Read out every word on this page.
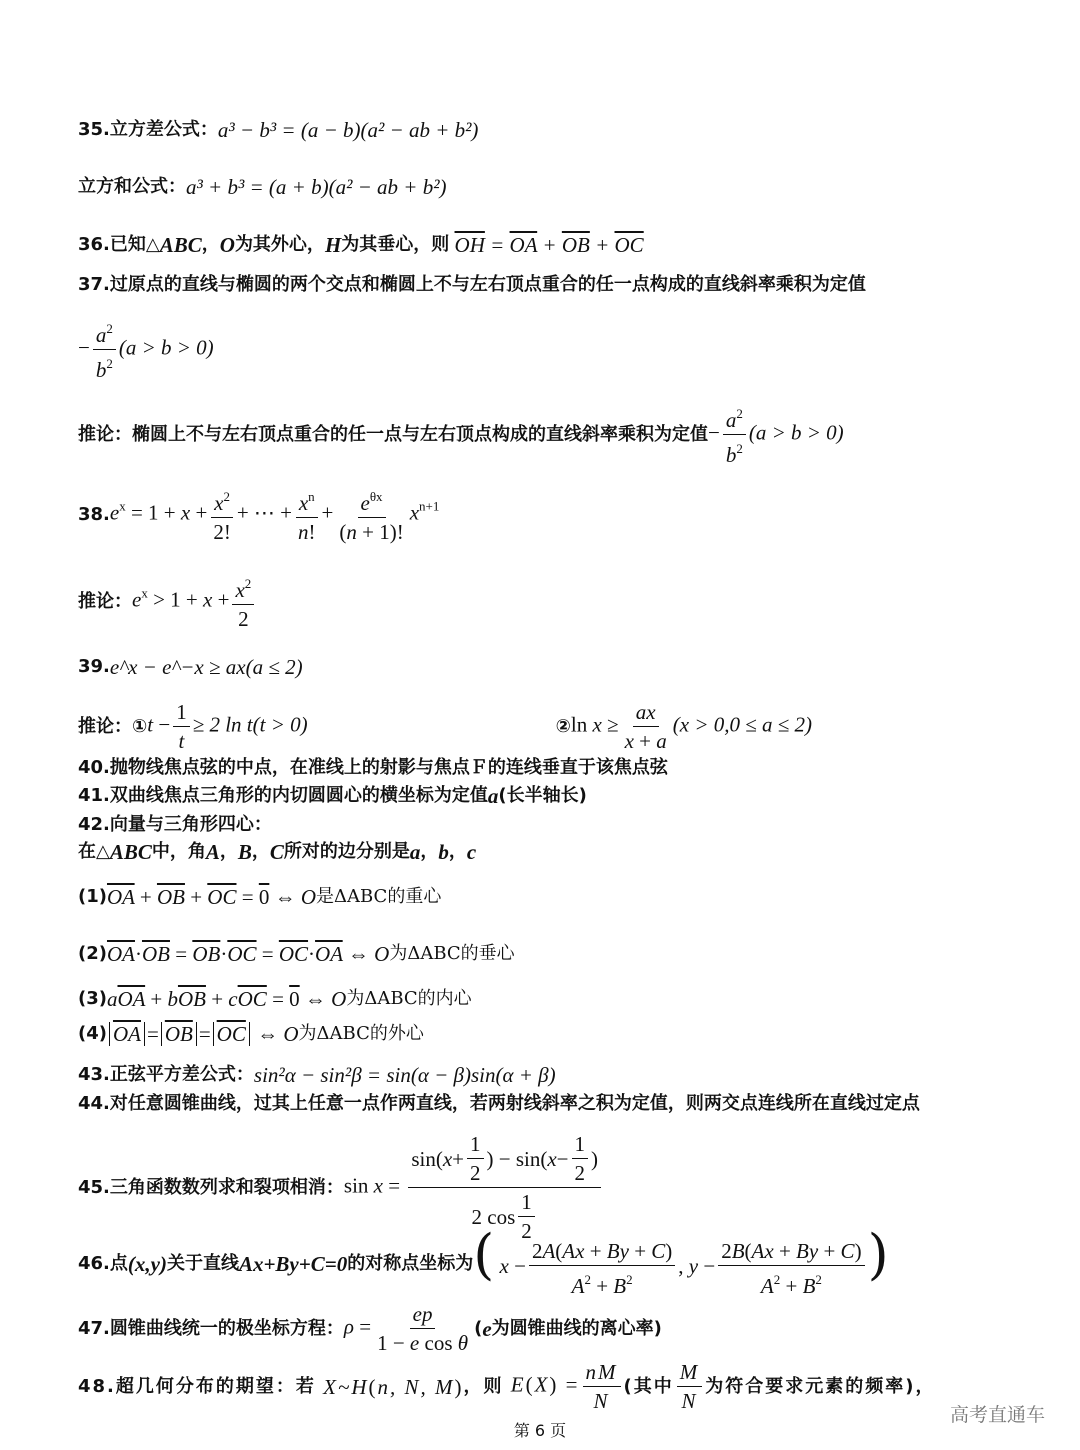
35.立方差公式： a³ − b³ = (a − b)(a² − ab + b²)
立方和公式： a³ + b³ = (a + b)(a² − ab + b²)
36.已知△ ABC ， O 为其外心， H 为其垂心，则 $\overline{OH} = \overline{OA} + \overline{OB} + \overline{OC}$
37.过原点的直线与椭圆的两个交点和椭圆上不与左右顶点重合的任一点构成的直线斜率乘积为定值
− $\frac{a^2}{b^2} (a > b > 0)$
推论： 椭圆上不与左右顶点重合的任一点与左右顶点构成的直线斜率乘积为定值 − $\frac{a^2}{b^2} (a > b > 0)$
38. $e^x = 1 + x + \frac{x^2}{2!}$ + ⋯ + $\frac{x^n}{n!} + \frac{e^{\theta x}}{(n + 1)!} x^{n+1}$
推论： $e^x > 1 + x + \frac{x^2}{2}$
39. e^x − e^−x ≥ ax(a ≤ 2)
推论：① $t - \frac{1}{t} \ge 2$ ln t(t > 0)	② $\ln x \ge \frac{ax}{x + a} (x > 0,0 \le a \le 2)$
40.抛物线焦点弦的中点，在准线上的射影与焦点Ｆ的连线垂直于该焦点弦
41.双曲线焦点三角形的内切圆圆心的横坐标为定值 a (长半轴长)
42.向量与三角形四心：
在△ ABC 中，角 A ， B ， C 所对的边分别是 a ， b ， c
(1) $\overline{OA} + \overline{OB} + \overline{OC} = 0$ ⇔ O 是ΔABC的重心
(2) $\overline{OA}\cdot\overline{OB} = \overline{OB}\cdot\overline{OC} = \overline{OC}\cdot\overline{OA}$ ⇔ O 为ΔABC的垂心
(3) $a\overline{OA} + b\overline{OB} + c\overline{OC} = 0$ ⇔ O 为ΔABC的内心
(4) $\overline{OA} = \overline{OB} = \overline{OC}$ ⇔ O 为ΔABC的外心
43.正弦平方差公式： sin²α − sin²β = sin(α − β)sin(α + β)
44.对任意圆锥曲线，过其上任意一点作两直线，若两射线斜率之积为定值，则两交点连线所在直线过定点
45.三角函数数列求和裂项相消： $\sin x = \frac{\sin( x + \frac{1}{2} ) - \sin( x - \frac{1}{2} )}{2 \cos \frac{1}{2}}$
46.点 (x,y) 关于直线 Ax+By+C=0 的对称点坐标为 ( $x - \frac{2A(Ax + By + C)}{A^2 + B^2}$ , $y - \frac{2B(Ax + By + C)}{A^2 + B^2}$ )
47.圆锥曲线统一的极坐标方程： $\rho = \frac{ep}{\text{1 − e cos θ}}$ ( e 为圆锥曲线的离心率)
48.超几何分布的期望：若 X~H(n, N, M) ，则 $E(X) = \frac{nM}{N}$ (其中 $\frac{M}{N}$ 为符合要求元素的频率)，
第 6 页
高考直通车
